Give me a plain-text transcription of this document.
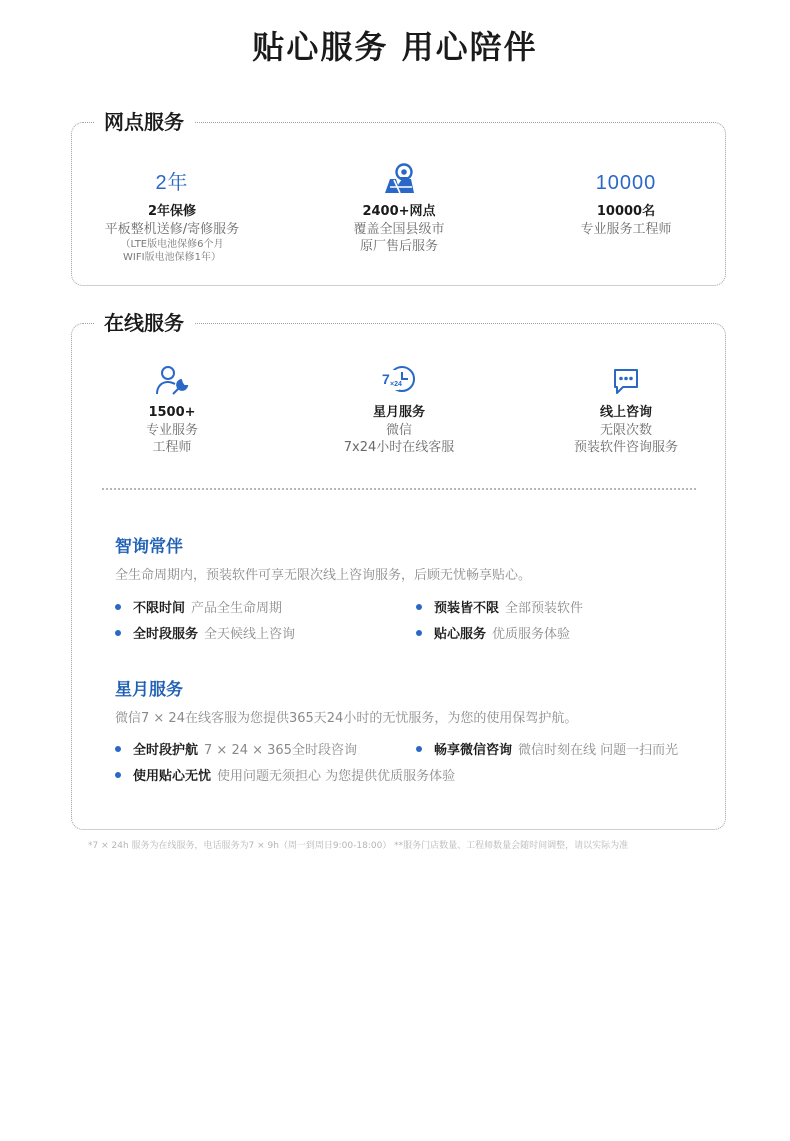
贴心服务 用心陪伴
网点服务
2年
2年保修
平板整机送修/寄修服务
（LTE版电池保修6个月
WIFI版电池保修1年）
2400+网点
覆盖全国县级市
原厂售后服务
10000
10000名
专业服务工程师
在线服务
1500+
专业服务
工程师
7 ×24
星月服务
微信
7x24小时在线客服
线上咨询
无限次数
预装软件咨询服务
智询常伴
全生命周期内，预装软件可享无限次线上咨询服务，后顾无忧畅享贴心。
不限时间 产品全生命周期	预装皆不限 全部预装软件
全时段服务 全天候线上咨询	贴心服务 优质服务体验
星月服务
微信7 × 24在线客服为您提供365天24小时的无忧服务，为您的使用保驾护航。
全时段护航 7 × 24 × 365全时段咨询	畅享微信咨询 微信时刻在线 问题一扫而光
使用贴心无忧 使用问题无须担心 为您提供优质服务体验
*7 × 24h 服务为在线服务，电话服务为7 × 9h（周一到周日9:00-18:00） **服务门店数量、工程师数量会随时间调整，请以实际为准
